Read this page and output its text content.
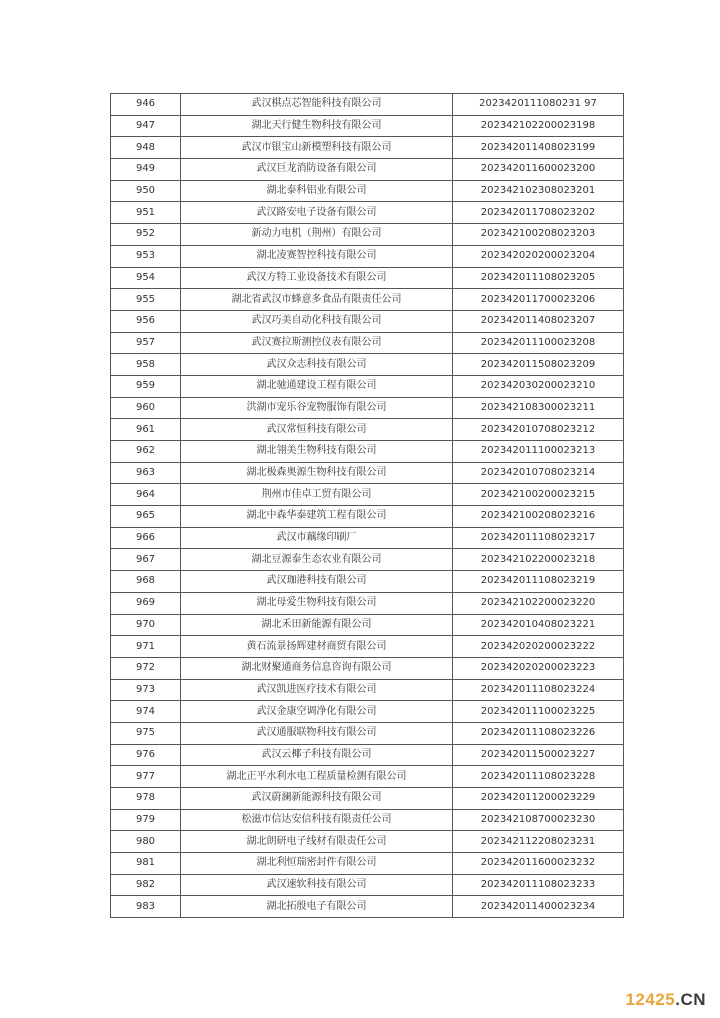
946	武汉棋点芯智能科技有限公司	2023420111080231 97
947	湖北天行健生物科技有限公司	202342102200023198
948	武汉市银宝山新模塑科技有限公司	202342011408023199
949	武汉巨龙消防设备有限公司	202342011600023200
950	湖北泰科铝业有限公司	202342102308023201
951	武汉路安电子设备有限公司	202342011708023202
952	新动力电机（荆州）有限公司	202342100208023203
953	湖北凌赛智控科技有限公司	202342020200023204
954	武汉方特工业设备技术有限公司	202342011108023205
955	湖北省武汉市蜂意多食品有限责任公司	202342011700023206
956	武汉巧美自动化科技有限公司	202342011408023207
957	武汉赛拉斯测控仪表有限公司	202342011100023208
958	武汉众志科技有限公司	202342011508023209
959	湖北驰通建设工程有限公司	202342030200023210
960	洪湖市宠乐谷宠物服饰有限公司	202342108300023211
961	武汉常恒科技有限公司	202342010708023212
962	湖北翎美生物科技有限公司	202342011100023213
963	湖北极森奥源生物科技有限公司	202342010708023214
964	荆州市佳卓工贸有限公司	202342100200023215
965	湖北中森华泰建筑工程有限公司	202342100208023216
966	武汉市藕缘印刷厂	202342011108023217
967	湖北豆源泰生态农业有限公司	202342102200023218
968	武汉珈港科技有限公司	202342011108023219
969	湖北母爱生物科技有限公司	202342102200023220
970	湖北禾田新能源有限公司	202342010408023221
971	黄石流景扬辉建材商贸有限公司	202342020200023222
972	湖北财聚通商务信息咨询有限公司	202342020200023223
973	武汉凯进医疗技术有限公司	202342011108023224
974	武汉金康空调净化有限公司	202342011100023225
975	武汉通服联物科技有限公司	202342011108023226
976	武汉云椰子科技有限公司	202342011500023227
977	湖北正平水利水电工程质量检测有限公司	202342011108023228
978	武汉蔚澜新能源科技有限公司	202342011200023229
979	松滋市信达安信科技有限责任公司	202342108700023230
980	湖北朗研电子线材有限责任公司	202342112208023231
981	湖北利恒瑞密封件有限公司	202342011600023232
982	武汉速软科技有限公司	202342011108023233
983	湖北拓殷电子有限公司	202342011400023234
12425.CN
